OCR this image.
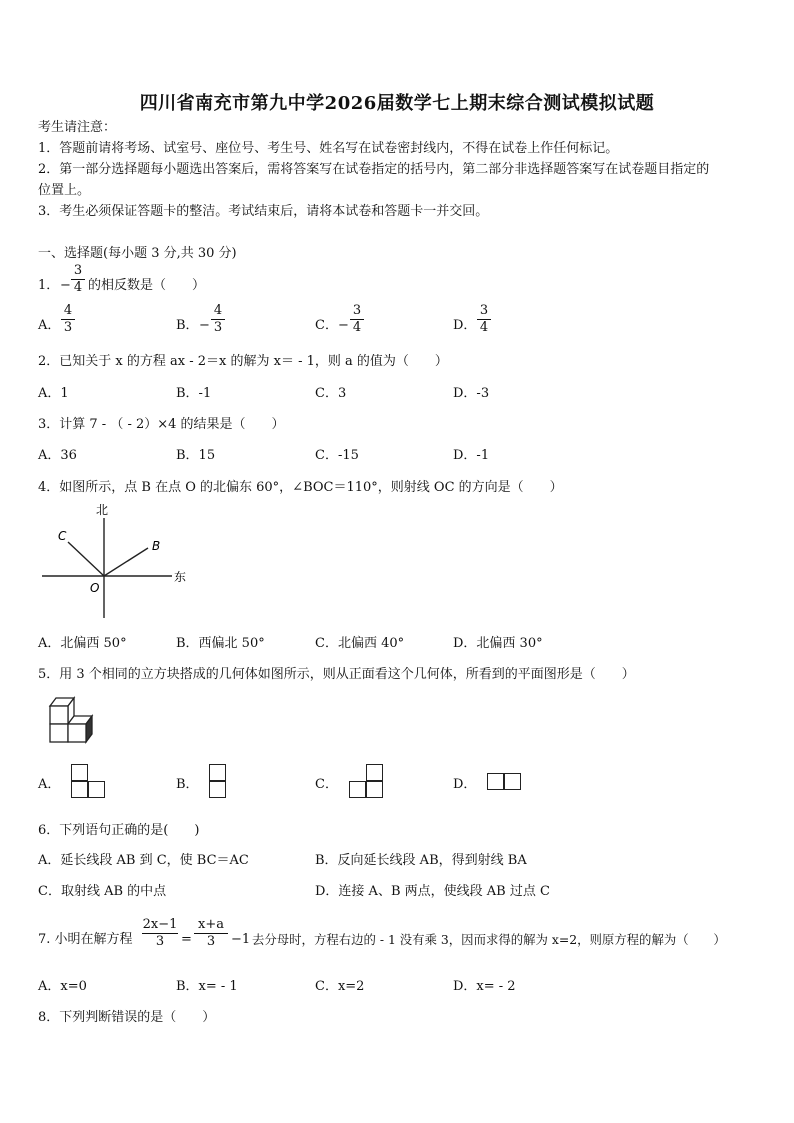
四川省南充市第九中学2026届数学七上期末综合测试模拟试题
考生请注意：
1．答题前请将考场、试室号、座位号、考生号、姓名写在试卷密封线内，不得在试卷上作任何标记。
2．第一部分选择题每小题选出答案后，需将答案写在试卷指定的括号内，第二部分非选择题答案写在试卷题目指定的
位置上。
3．考生必须保证答题卡的整洁。考试结束后，请将本试卷和答题卡一并交回。
一、选择题(每小题 3 分,共 30 分)
1． −
3
4 的相反数是（　　）
A．
4
3	B． −
4
3	C． −
3
4	D．
3
4
2．已知关于 x 的方程 ax - 2＝x 的解为 x＝ - 1，则 a 的值为（　　）
A．1	B．-1	C．3	D．-3
3．计算 7 - （ - 2）×4 的结果是（　　）
A．36	B．15	C．-15	D．-1
4．如图所示，点 B 在点 O 的北偏东 60°，∠BOC＝110°，则射线 OC 的方向是（　　）
北
东
C
B
O
A．北偏西 50°	B．西偏北 50°	C．北偏西 40°	D．北偏西 30°
5．用 3 个相同的立方块搭成的几何体如图所示，则从正面看这个几何体，所看到的平面图形是（　　）
A．	B．	C．	D．
6．下列语句正确的是(　　)
A．延长线段 AB 到 C，使 BC＝AC	B．反向延长线段 AB，得到射线 BA
C．取射线 AB 的中点	D．连接 A、B 两点，使线段 AB 过点 C
7. 小明在解方程
2x−1
3	=
x+a
3	−1 去分母时，方程右边的 - 1 没有乘 3，因而求得的解为 x=2，则原方程的解为（　　）
A．x=0	B．x= - 1	C．x=2	D．x= - 2
8．下列判断错误的是（　　）
